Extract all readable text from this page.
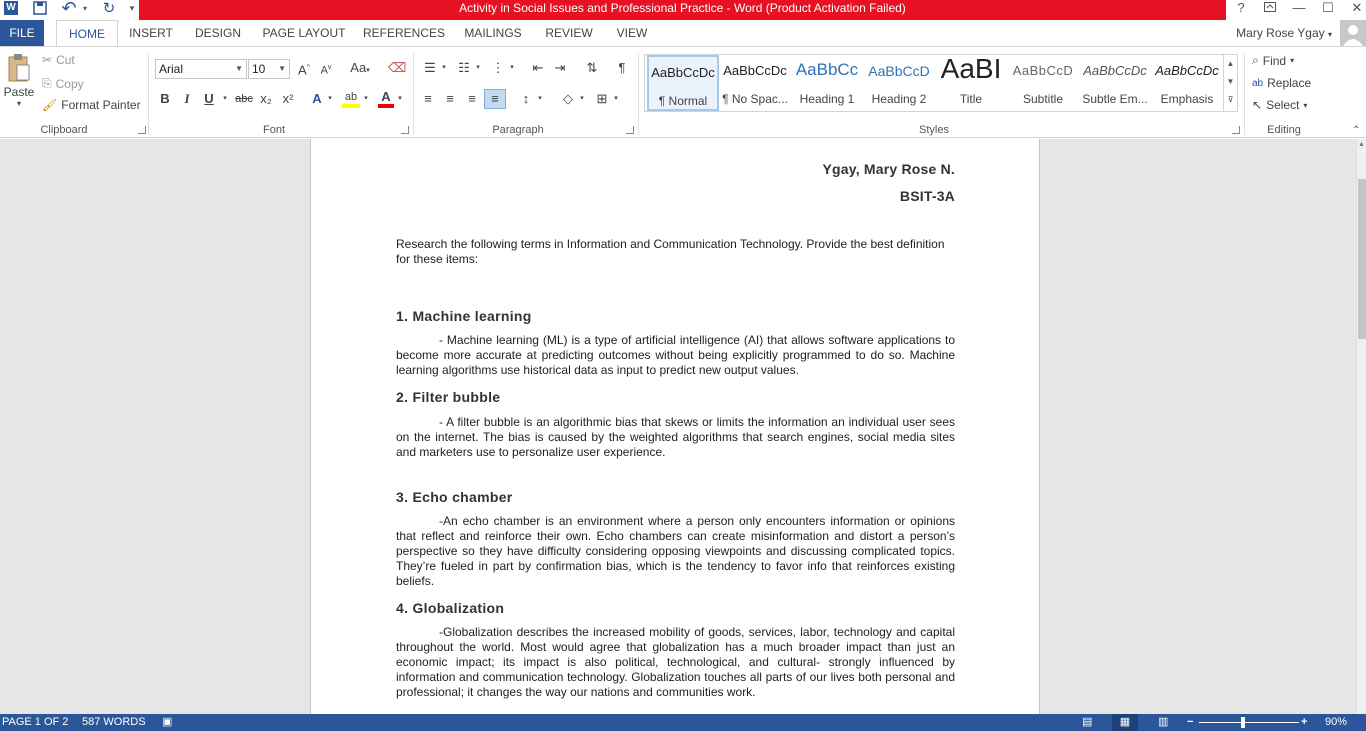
W	↶ ▾ ↻	▾	Activity in Social Issues and Professional Practice - Word (Product Activation Failed)	?	—	☐	✕
FILE	HOME	INSERT	DESIGN	PAGE LAYOUT REFERENCES	MAILINGS	REVIEW	VIEW	Mary Rose Ygay ▾
Paste
▾
✂ Cut
⎘ Copy
🖌 Format Painter
Clipboard
Arial	▼ 10 ▼ A^ $A^v$	Aa▾	⌫
B	I	U	▾ abc x₂ x² A ▾ ab	▾ A	▾
Font
☰ ▾ ☷ ▾ ⋮ ▾	⇤ ⇥	⇅	¶
≡	≡	≡	≡	↕	▾	◇	▾ ⊞ ▾
Paragraph
AaBbCcDc
¶ Normal
AaBbCcDc
¶ No Spac...
AaBbCc
Heading 1
AaBbCcD
Heading 2
AaBI
Title
AaBbCcD
Subtitle
AaBbCcDc
Subtle Em...
AaBbCcDc
Emphasis
▲
▼
⊽
Styles
⌕ Find ▾
ab Replace
↖ Select ▾
Editing	⌃
Ygay, Mary Rose N.
BSIT-3A
Research the following terms in Information and Communication Technology. Provide the best definition for these items:
1. Machine learning
- Machine learning (ML) is a type of artificial intelligence (AI) that allows software applications to become more accurate at predicting outcomes without being explicitly programmed to do so. Machine learning algorithms use historical data as input to predict new output values.
2. Filter bubble
- A filter bubble is an algorithmic bias that skews or limits the information an individual user sees on the internet. The bias is caused by the weighted algorithms that search engines, social media sites and marketers use to personalize user experience.
3. Echo chamber
-An echo chamber is an environment where a person only encounters information or opinions that reflect and reinforce their own. Echo chambers can create misinformation and distort a person’s perspective so they have difficulty considering opposing viewpoints and discussing complicated topics. They’re fueled in part by confirmation bias, which is the tendency to favor info that reinforces existing beliefs.
4. Globalization
-Globalization describes the increased mobility of goods, services, labor, technology and capital throughout the world. Most would agree that globalization has a much broader impact than just an economic impact; its impact is also political, technological, and cultural- strongly influenced by information and communication technology. Globalization touches all parts of our lives both personal and professional; it changes the way our nations and communities work.
▲
PAGE 1 OF 2 587 WORDS ▣	▤	▦	▥ −	+ 90%
